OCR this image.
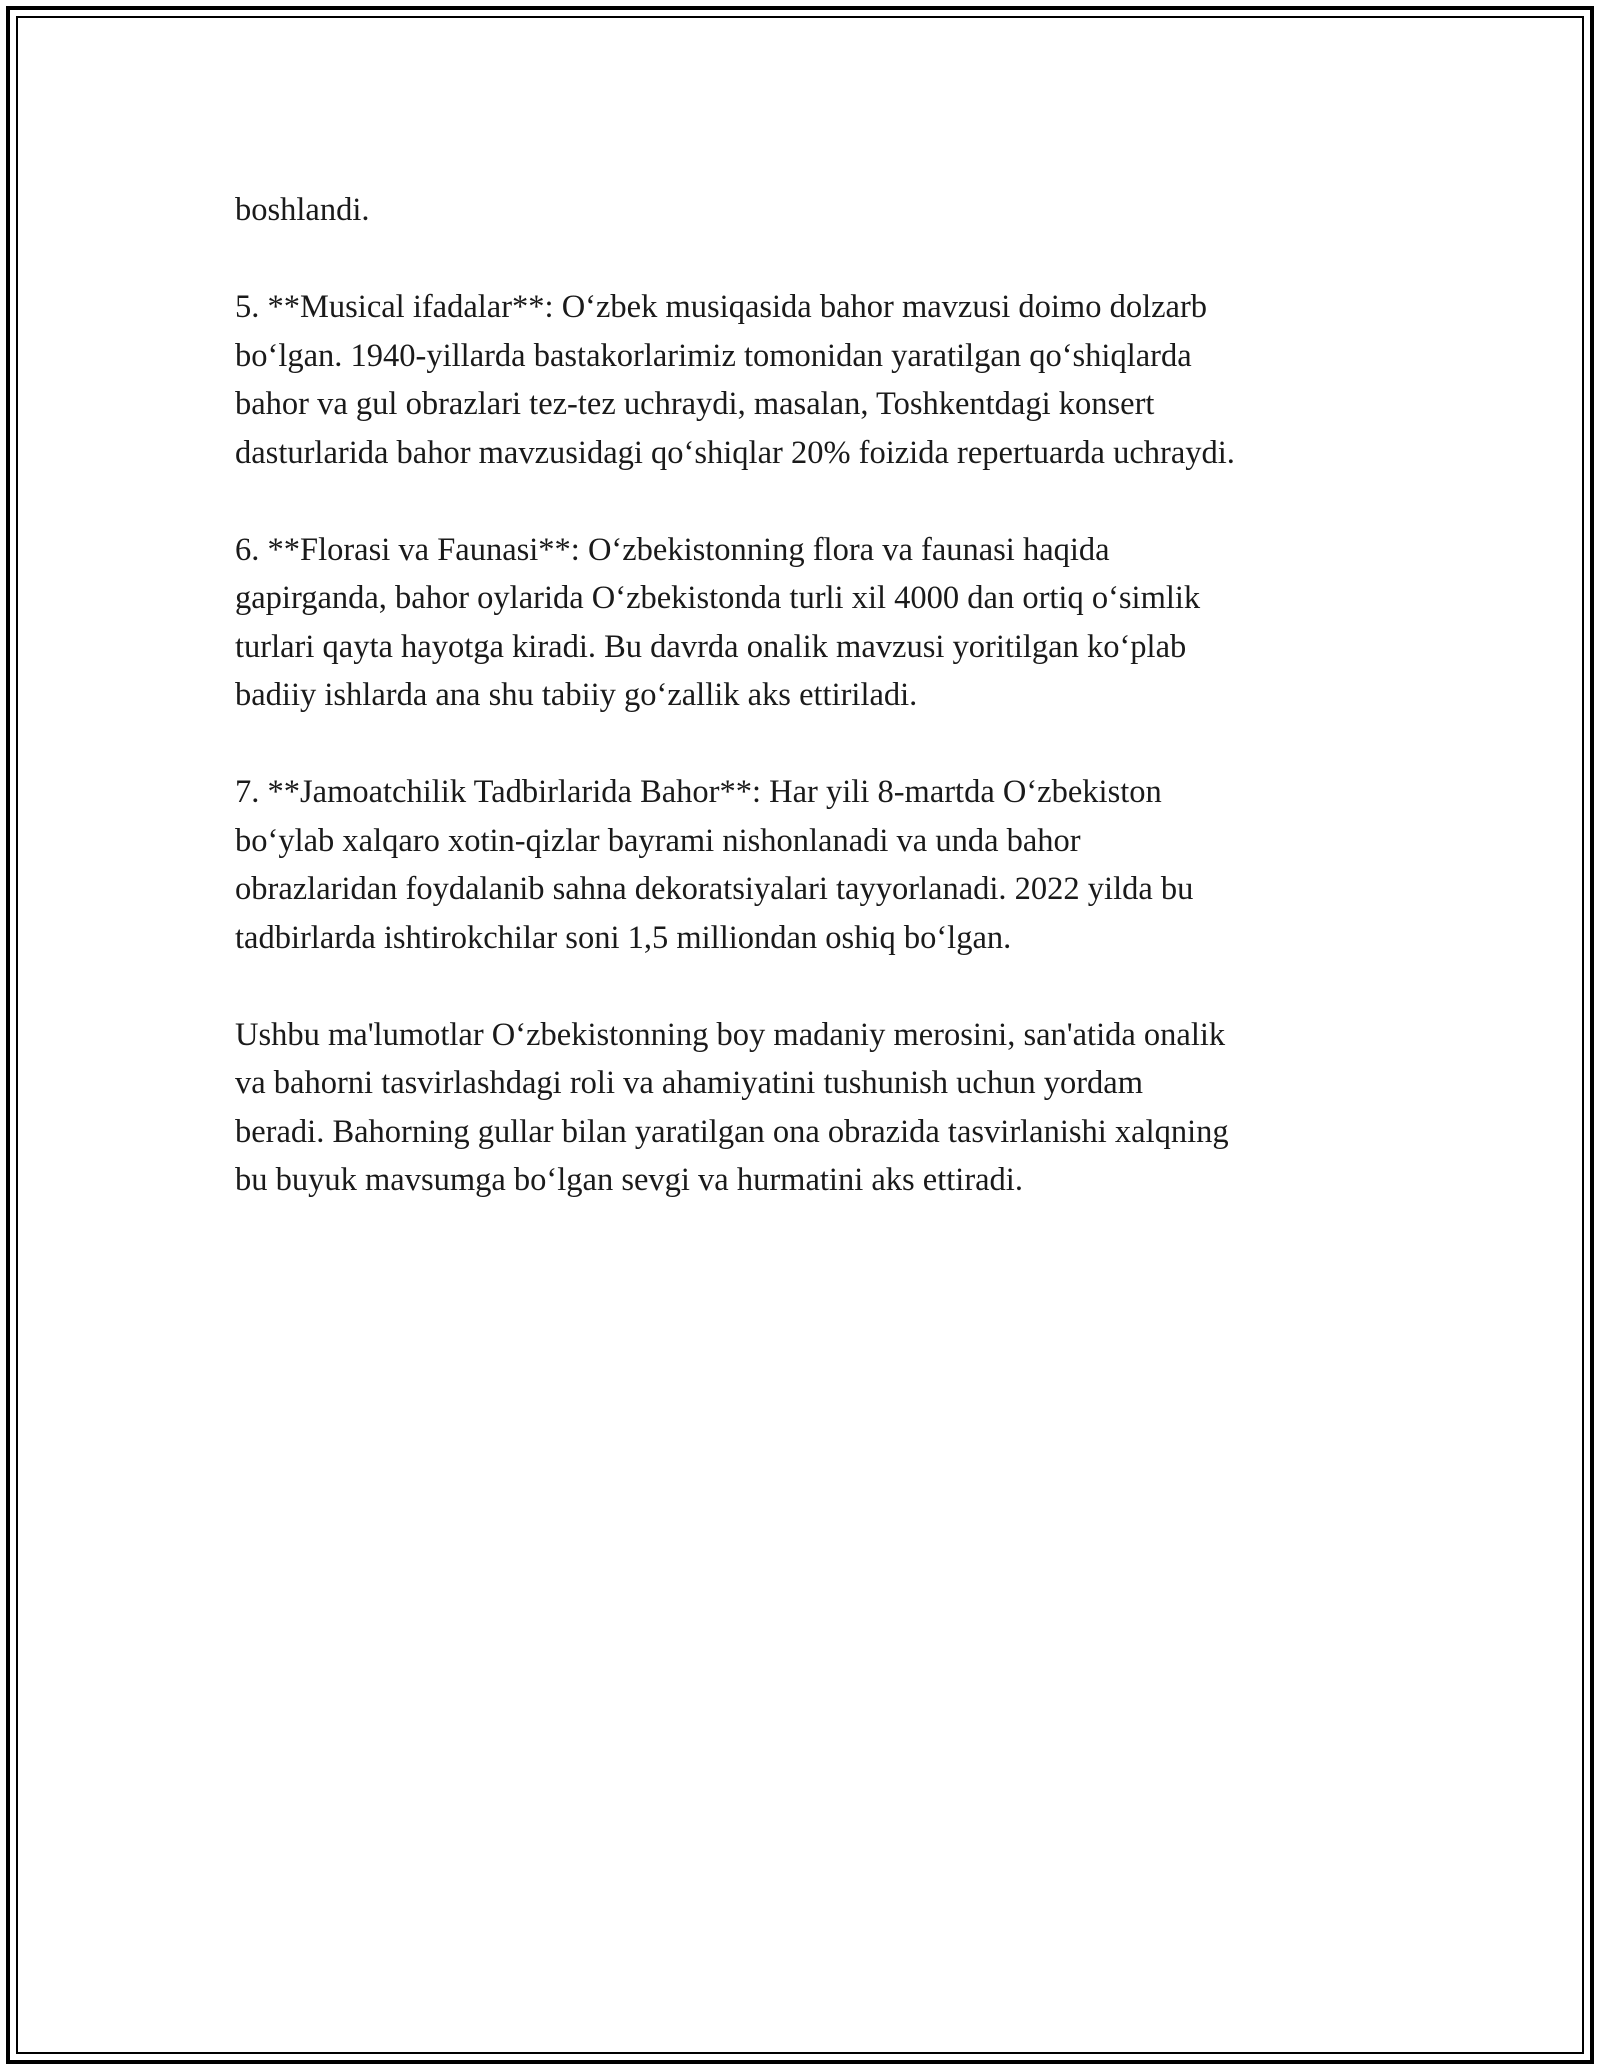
boshlandi.

5. **Musical ifadalar**: O‘zbek musiqasida bahor mavzusi doimo dolzarb
bo‘lgan. 1940-yillarda bastakorlarimiz tomonidan yaratilgan qo‘shiqlarda
bahor va gul obrazlari tez-tez uchraydi, masalan, Toshkentdagi konsert
dasturlarida bahor mavzusidagi qo‘shiqlar 20% foizida repertuarda uchraydi.

6. **Florasi va Faunasi**: O‘zbekistonning flora va faunasi haqida
gapirganda, bahor oylarida O‘zbekistonda turli xil 4000 dan ortiq o‘simlik
turlari qayta hayotga kiradi. Bu davrda onalik mavzusi yoritilgan ko‘plab
badiiy ishlarda ana shu tabiiy go‘zallik aks ettiriladi.

7. **Jamoatchilik Tadbirlarida Bahor**: Har yili 8-martda O‘zbekiston
bo‘ylab xalqaro xotin-qizlar bayrami nishonlanadi va unda bahor
obrazlaridan foydalanib sahna dekoratsiyalari tayyorlanadi. 2022 yilda bu
tadbirlarda ishtirokchilar soni 1,5 milliondan oshiq bo‘lgan.

Ushbu ma'lumotlar O‘zbekistonning boy madaniy merosini, san'atida onalik
va bahorni tasvirlashdagi roli va ahamiyatini tushunish uchun yordam
beradi. Bahorning gullar bilan yaratilgan ona obrazida tasvirlanishi xalqning
bu buyuk mavsumga bo‘lgan sevgi va hurmatini aks ettiradi.
